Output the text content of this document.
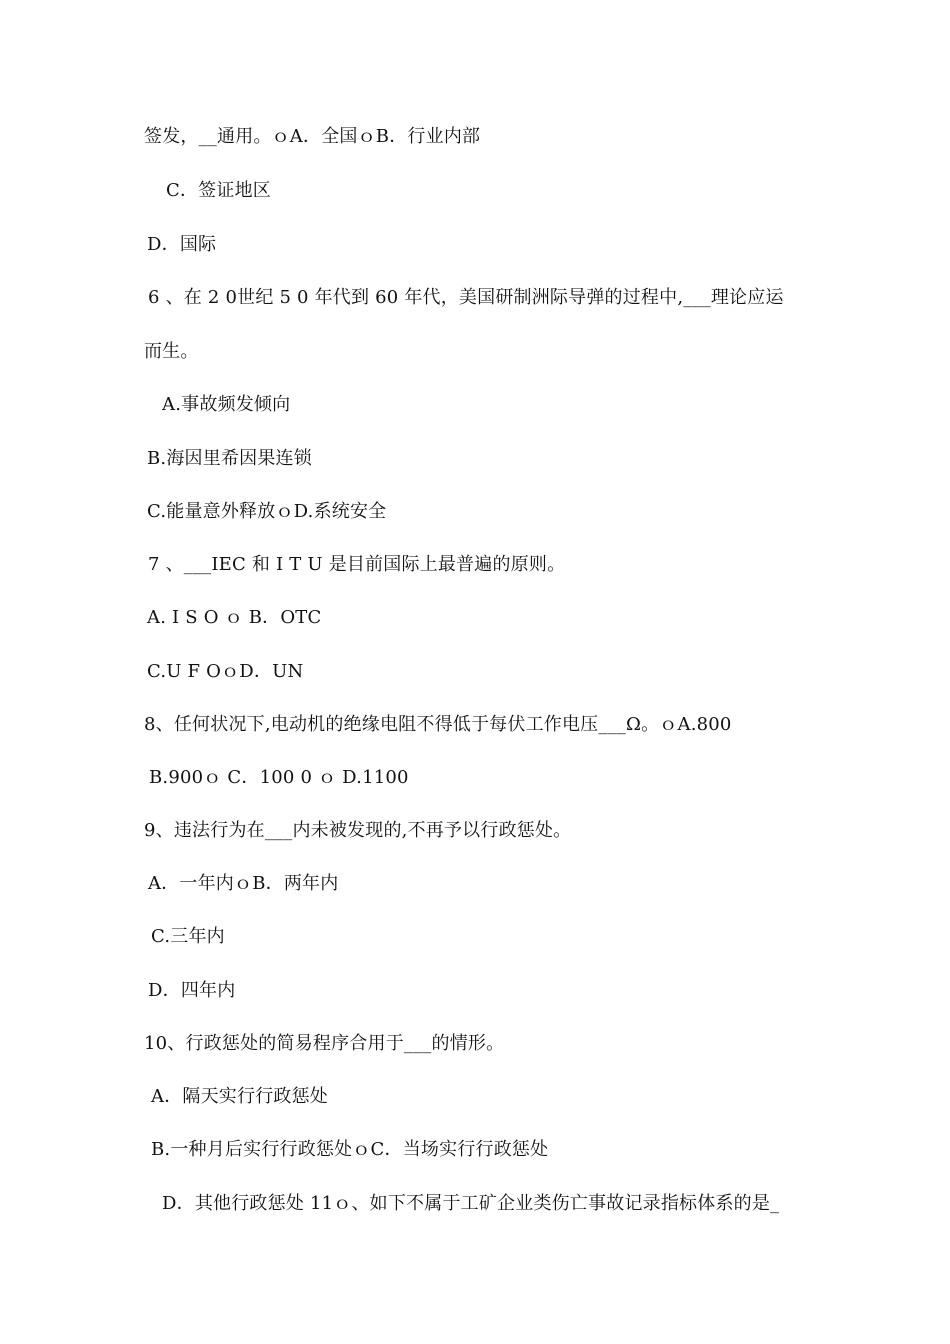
签发，__通用。ｏA．全国ｏB．行业内部
C．签证地区
D．国际
6 、在 2 0世纪 5 0 年代到 60 年代，美国研制洲际导弹的过程中,___理论应运
而生。
A.事故频发倾向
B.海因里希因果连锁
C.能量意外释放ｏD.系统安全
7 、___IEC 和 I T U 是目前国际上最普遍的原则。
A. I S O ｏ B．OTC
C.U F OｏD．UN
8、任何状况下,电动机的绝缘电阻不得低于每伏工作电压___Ω。ｏA.800
B.900ｏ C．100 0 ｏ D.1100
9、违法行为在___内未被发现的,不再予以行政惩处。
A．一年内ｏB．两年内
C.三年内
D．四年内
10、行政惩处的简易程序合用于___的情形。
A．隔天实行行政惩处
B.一种月后实行行政惩处ｏC．当场实行行政惩处
D．其他行政惩处 11ｏ、如下不属于工矿企业类伤亡事故记录指标体系的是_
